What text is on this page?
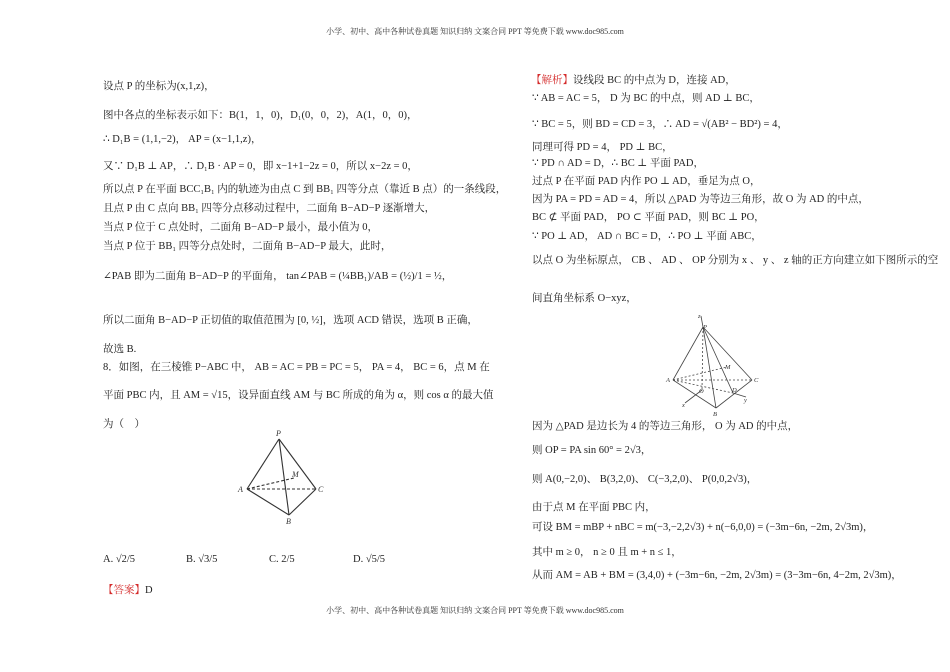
小学、初中、高中各种试卷真题 知识归纳 文案合同 PPT 等免费下载 www.doc985.com
设点 P 的坐标为(x,1,z)，
图中各点的坐标表示如下：B(1，1，0)，D₁(0，0，2)，A(1，0，0)，
∴ D₁B = (1,1,−2)， AP = (x−1,1,z)，
又∵ D₁B ⊥ AP，∴ D₁B · AP = 0，即 x−1+1−2z = 0，所以 x−2z = 0，
所以点 P 在平面 BCC₁B₁ 内的轨迹为由点 C 到 BB₁ 四等分点（靠近 B 点）的一条线段，
且点 P 由 C 点向 BB₁ 四等分点移动过程中，二面角 B−AD−P 逐渐增大，
当点 P 位于 C 点处时，二面角 B−AD−P 最小，最小值为 0，
当点 P 位于 BB₁ 四等分点处时，二面角 B−AD−P 最大，此时，
∠PAB 即为二面角 B−AD−P 的平面角， tan∠PAB = (¼BB₁)/AB = (½)/1 = ½，
所以二面角 B−AD−P 正切值的取值范围为 [0, ½]，选项 ACD 错误，选项 B 正确，
故选 B.
8．如图，在三棱锥 P−ABC 中， AB = AC = PB = PC = 5， PA = 4， BC = 6，点 M 在
平面 PBC 内，且 AM = √15，设异面直线 AM 与 BC 所成的角为 α，则 cos α 的最大值
为（　）
P
A	C
B
M
A. √2/5	B. √3/5	C. 2/5	D. √5/5
【答案】D
【解析】设线段 BC 的中点为 D，连接 AD，
∵ AB = AC = 5， D 为 BC 的中点，则 AD ⊥ BC，
∵ BC = 5，则 BD = CD = 3，∴ AD = √(AB² − BD²) = 4，
同理可得 PD = 4， PD ⊥ BC，
∵ PD ∩ AD = D，∴ BC ⊥ 平面 PAD，
过点 P 在平面 PAD 内作 PO ⊥ AD，垂足为点 O，
因为 PA = PD = AD = 4，所以 △PAD 为等边三角形，故 O 为 AD 的中点，
BC ⊄ 平面 PAD， PO ⊂ 平面 PAD，则 BC ⊥ PO，
∵ PO ⊥ AD， AD ∩ BC = D，∴ PO ⊥ 平面 ABC，
以点 O 为坐标原点， CB 、 AD 、 OP 分别为 x 、 y 、 z 轴的正方向建立如下图所示的空
间直角坐标系 O−xyz，
P
z
A	C
B
O	D
M
x
y
因为 △PAD 是边长为 4 的等边三角形， O 为 AD 的中点，
则 OP = PA sin 60° = 2√3，
则 A(0,−2,0)、 B(3,2,0)、 C(−3,2,0)、 P(0,0,2√3)，
由于点 M 在平面 PBC 内，
可设 BM = mBP + nBC = m(−3,−2,2√3) + n(−6,0,0) = (−3m−6n, −2m, 2√3m)，
其中 m ≥ 0， n ≥ 0 且 m + n ≤ 1，
从而 AM = AB + BM = (3,4,0) + (−3m−6n, −2m, 2√3m) = (3−3m−6n, 4−2m, 2√3m)，
小学、初中、高中各种试卷真题 知识归纳 文案合同 PPT 等免费下载 www.doc985.com
